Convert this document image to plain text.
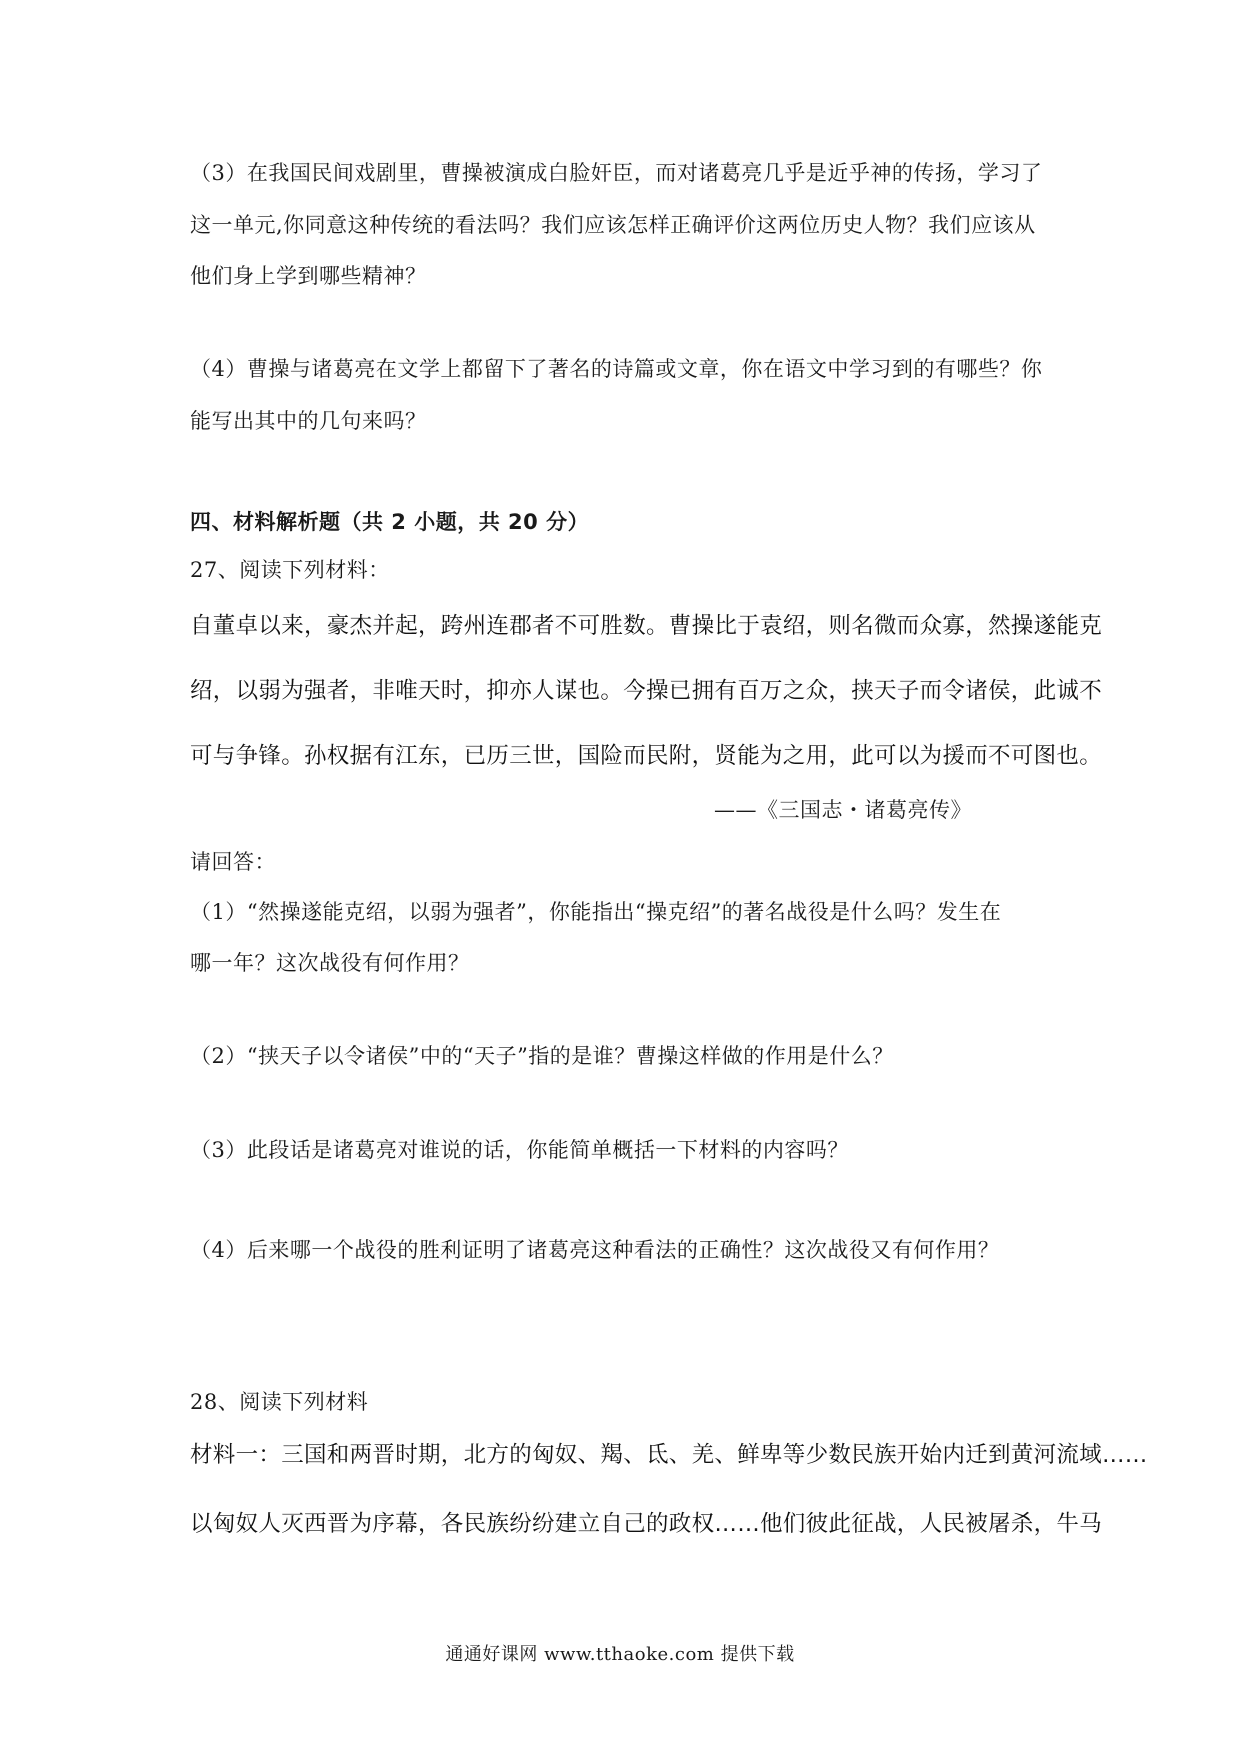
（3）在我国民间戏剧里，曹操被演成白脸奸臣，而对诸葛亮几乎是近乎神的传扬，学习了
这一单元,你同意这种传统的看法吗？我们应该怎样正确评价这两位历史人物？我们应该从
他们身上学到哪些精神？
（4）曹操与诸葛亮在文学上都留下了著名的诗篇或文章，你在语文中学习到的有哪些？你
能写出其中的几句来吗？
四、材料解析题（共 2 小题，共 20 分）
27、阅读下列材料：
自董卓以来，豪杰并起，跨州连郡者不可胜数。曹操比于袁绍，则名微而众寡，然操遂能克
绍，以弱为强者，非唯天时，抑亦人谋也。今操已拥有百万之众，挟天子而令诸侯，此诚不
可与争锋。孙权据有江东，已历三世，国险而民附，贤能为之用，此可以为援而不可图也。
——《三国志・诸葛亮传》
请回答：
（1）“然操遂能克绍，以弱为强者”，你能指出“操克绍”的著名战役是什么吗？发生在
哪一年？这次战役有何作用？
（2）“挟天子以令诸侯”中的“天子”指的是谁？曹操这样做的作用是什么？
（3）此段话是诸葛亮对谁说的话，你能简单概括一下材料的内容吗？
（4）后来哪一个战役的胜利证明了诸葛亮这种看法的正确性？这次战役又有何作用？
28、阅读下列材料
材料一：三国和两晋时期，北方的匈奴、羯、氐、羌、鲜卑等少数民族开始内迁到黄河流域……
以匈奴人灭西晋为序幕，各民族纷纷建立自己的政权……他们彼此征战，人民被屠杀，牛马
通通好课网 www.tthaoke.com 提供下载
